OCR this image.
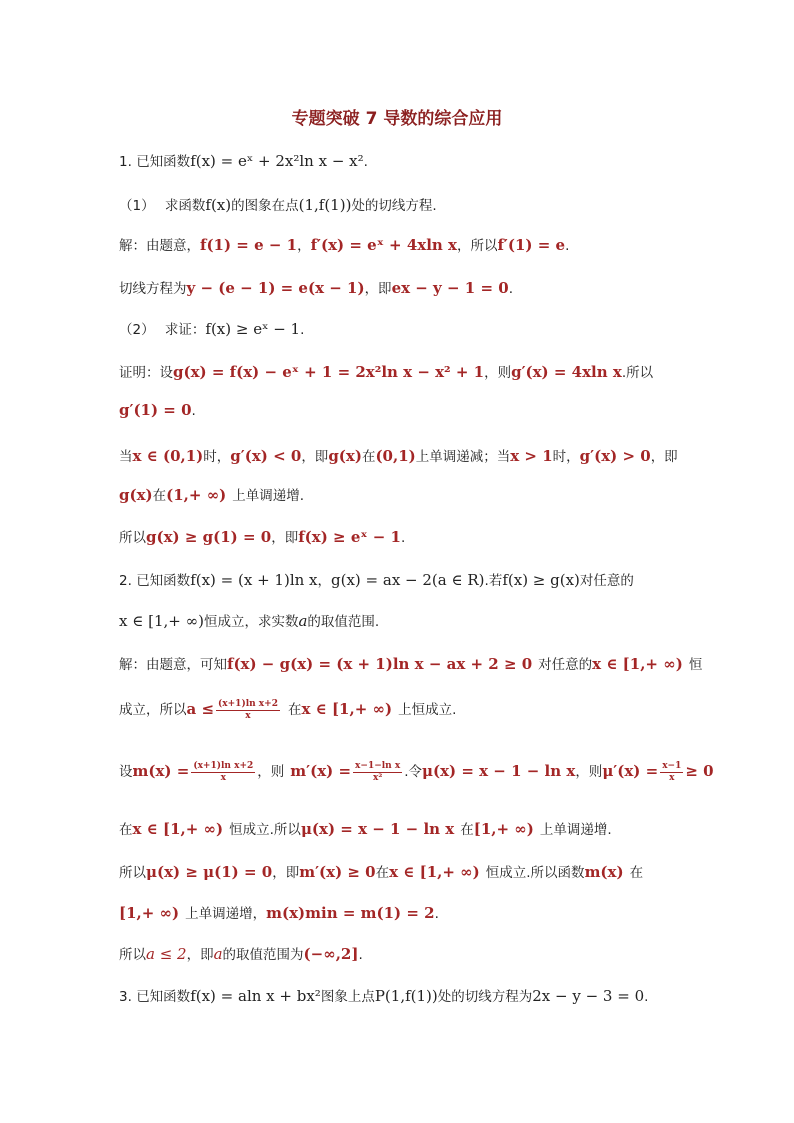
专题突破 7 导数的综合应用
1. 已知函数f(x) = eˣ + 2x²ln x − x².
（1） 求函数f(x)的图象在点(1,f(1))处的切线方程.
解：由题意，f(1) = e − 1，f′(x) = eˣ + 4xln x，所以f′(1) = e.
切线方程为y − (e − 1) = e(x − 1)，即ex − y − 1 = 0.
（2） 求证：f(x) ≥ eˣ − 1.
证明：设g(x) = f(x) − eˣ + 1 = 2x²ln x − x² + 1，则g′(x) = 4xln x.所以
g′(1) = 0.
当x ∈ (0,1)时，g′(x) < 0，即g(x)在(0,1)上单调递减；当x > 1时，g′(x) > 0，即
g(x)在(1,+ ∞) 上单调递增.
所以g(x) ≥ g(1) = 0，即f(x) ≥ eˣ − 1.
2. 已知函数f(x) = (x + 1)ln x，g(x) = ax − 2(a ∈ R).若f(x) ≥ g(x)对任意的
x ∈ [1,+ ∞)恒成立，求实数a的取值范围.
解：由题意，可知f(x) − g(x) = (x + 1)ln x − ax + 2 ≥ 0 对任意的x ∈ [1,+ ∞) 恒
成立，所以$a \le \frac{\text{(x+1)ln x+2}}{x}$ 在x ∈ [1,+ ∞) 上恒成立.
设$m(x) = \frac{\text{(x+1)ln x+2}}{x}$ ，则 $m'(x) = \frac{\text{x−1−ln x}}{\text{x²}}$ .令μ(x) = x − 1 − ln x，则$\mu'(x) = \frac{x-1}{x} \ge 0$
在x ∈ [1,+ ∞) 恒成立.所以μ(x) = x − 1 − ln x 在[1,+ ∞) 上单调递增.
所以μ(x) ≥ μ(1) = 0，即m′(x) ≥ 0在x ∈ [1,+ ∞) 恒成立.所以函数m(x) 在
[1,+ ∞) 上单调递增，m(x)min = m(1) = 2.
所以a ≤ 2，即a的取值范围为(−∞,2].
3. 已知函数f(x) = aln x + bx²图象上点P(1,f(1))处的切线方程为2x − y − 3 = 0.
